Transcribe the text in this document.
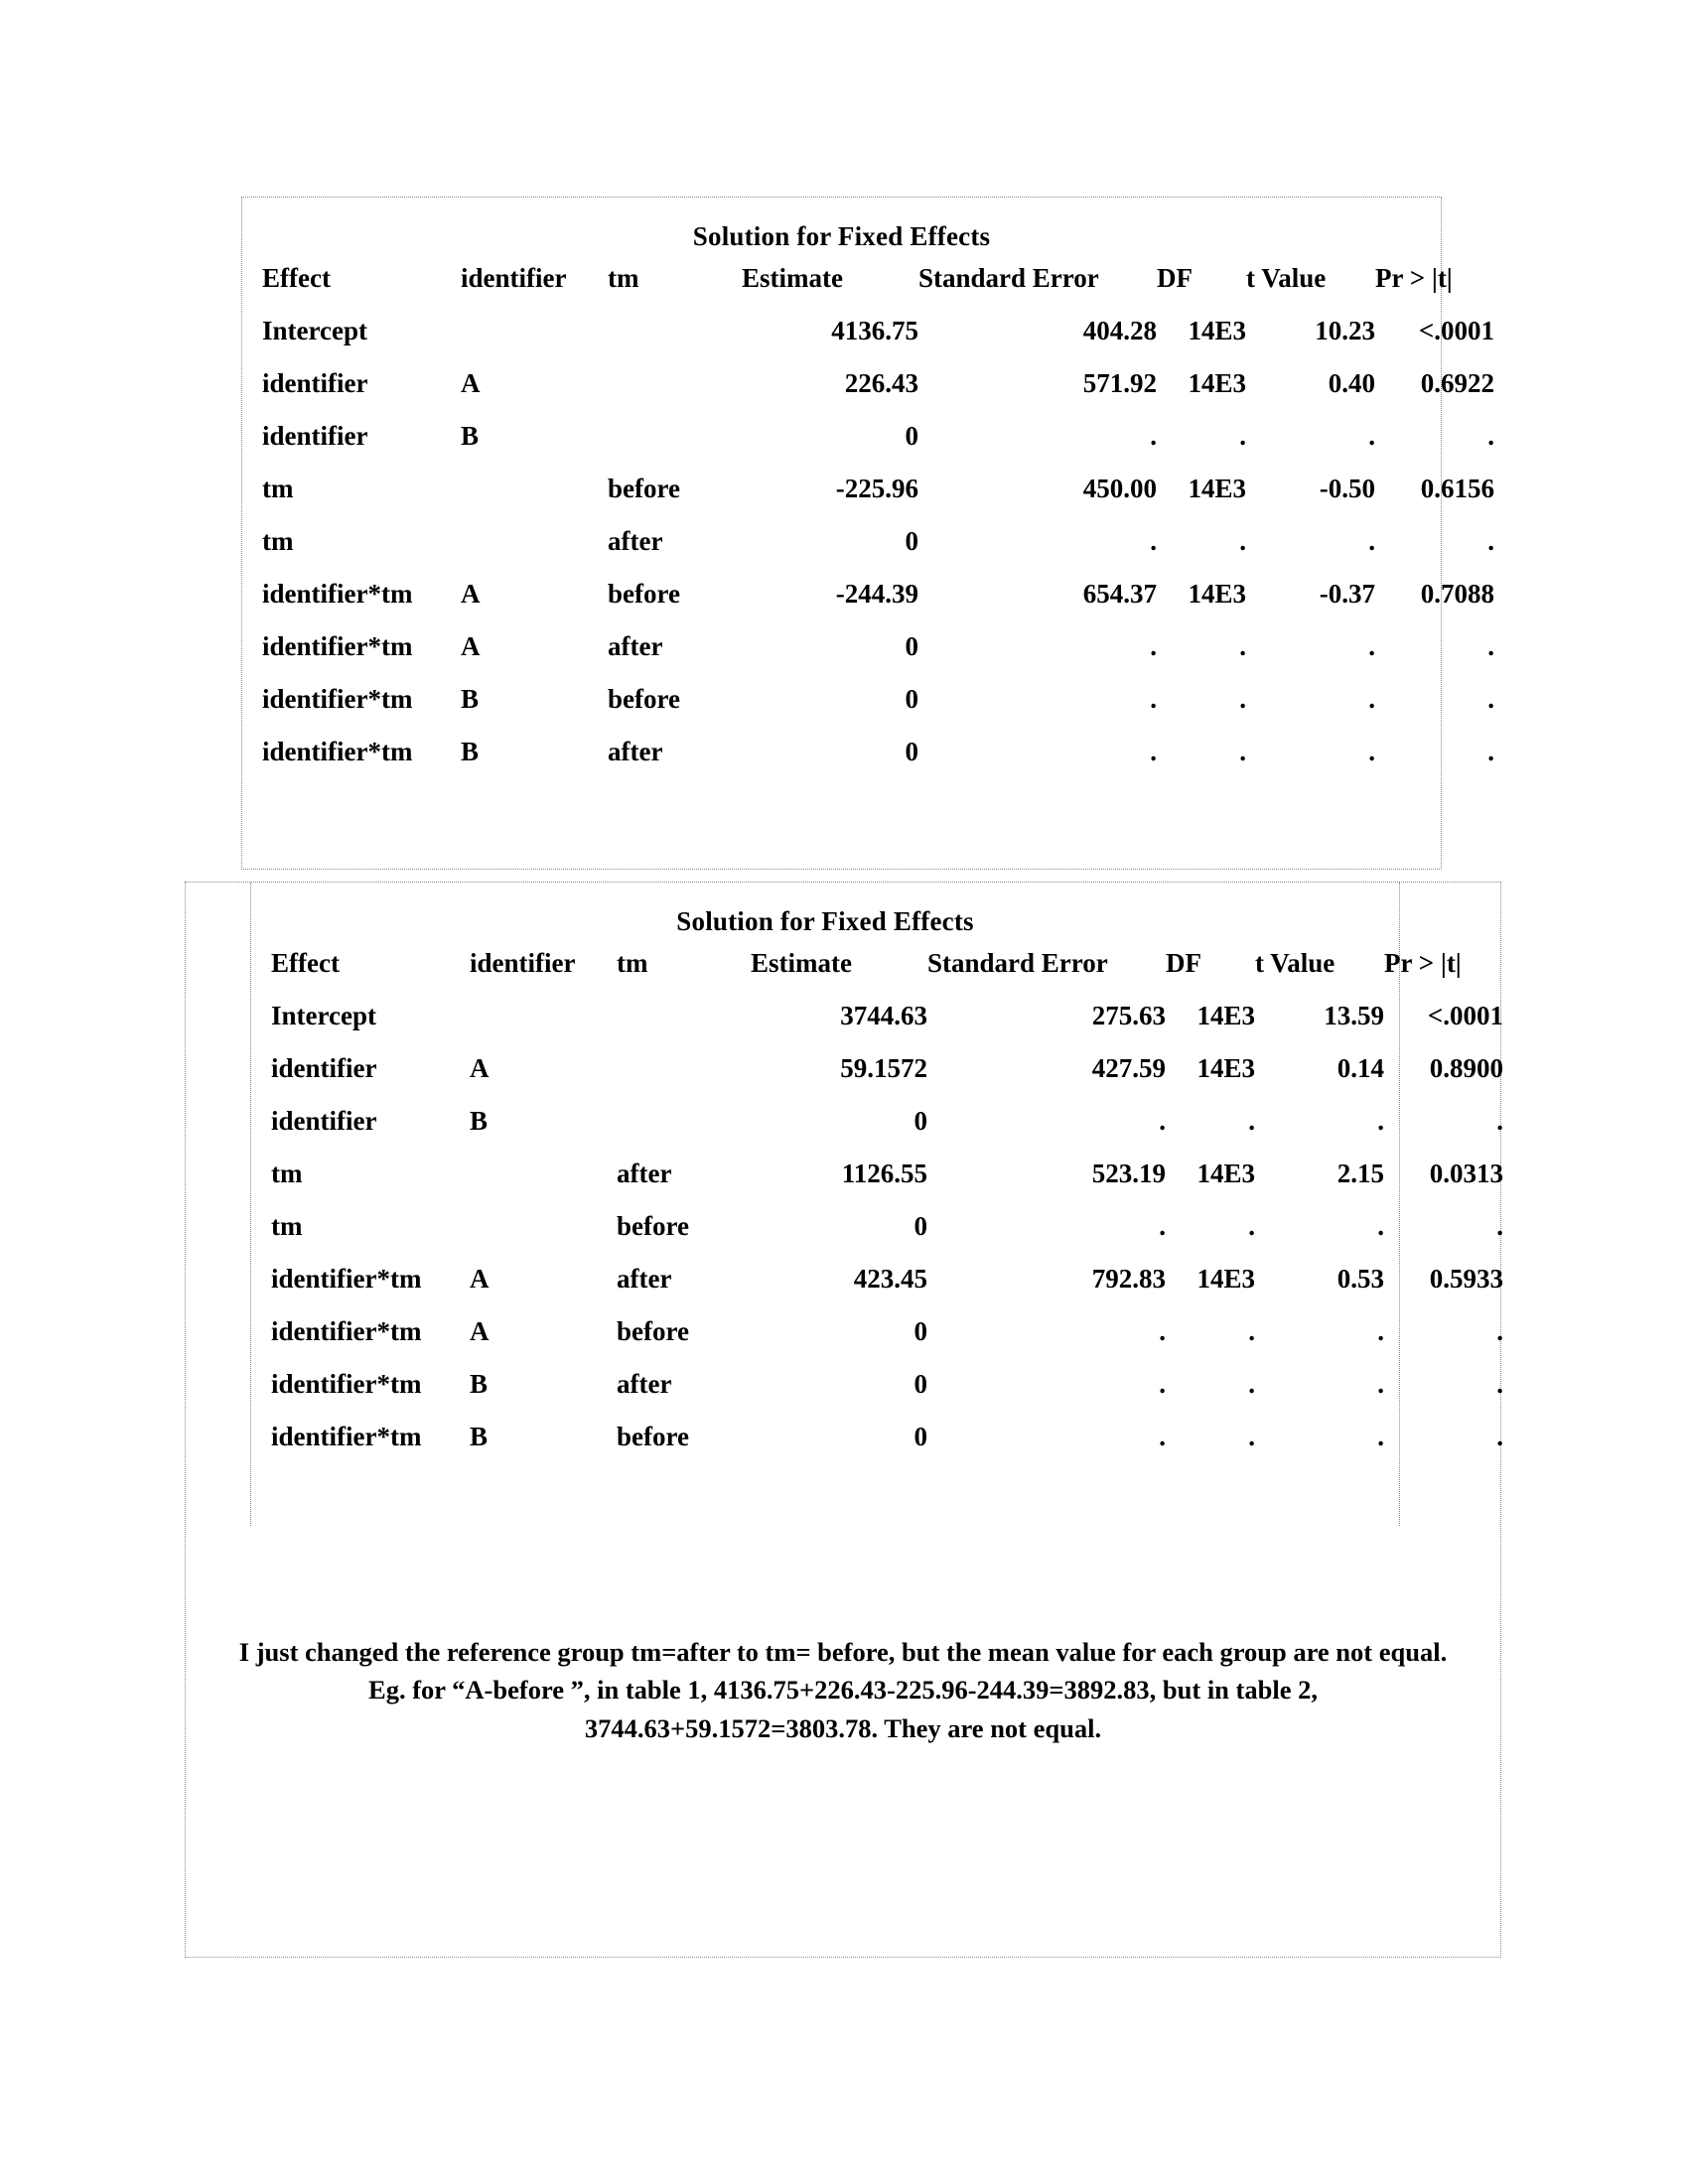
Solution for Fixed Effects
Effect	identifier	tm	Estimate	Standard Error	DF	t Value	Pr > |t|
Intercept			4136.75	404.28	14E3	10.23	<.0001
identifier	A		226.43	571.92	14E3	0.40	0.6922
identifier	B		0	.	.	.	.
tm		before	-225.96	450.00	14E3	-0.50	0.6156
tm		after	0	.	.	.	.
identifier*tm	A	before	-244.39	654.37	14E3	-0.37	0.7088
identifier*tm	A	after	0	.	.	.	.
identifier*tm	B	before	0	.	.	.	.
identifier*tm	B	after	0	.	.	.	.
Solution for Fixed Effects
Effect	identifier	tm	Estimate	Standard Error	DF	t Value	Pr > |t|
Intercept			3744.63	275.63	14E3	13.59	<.0001
identifier	A		59.1572	427.59	14E3	0.14	0.8900
identifier	B		0	.	.	.	.
tm		after	1126.55	523.19	14E3	2.15	0.0313
tm		before	0	.	.	.	.
identifier*tm	A	after	423.45	792.83	14E3	0.53	0.5933
identifier*tm	A	before	0	.	.	.	.
identifier*tm	B	after	0	.	.	.	.
identifier*tm	B	before	0	.	.	.	.
I just changed the reference group tm=after to tm= before, but the mean value for each group are not equal. Eg. for “A-before ”, in table 1, 4136.75+226.43-225.96-244.39=3892.83, but in table 2, 3744.63+59.1572=3803.78. They are not equal.
